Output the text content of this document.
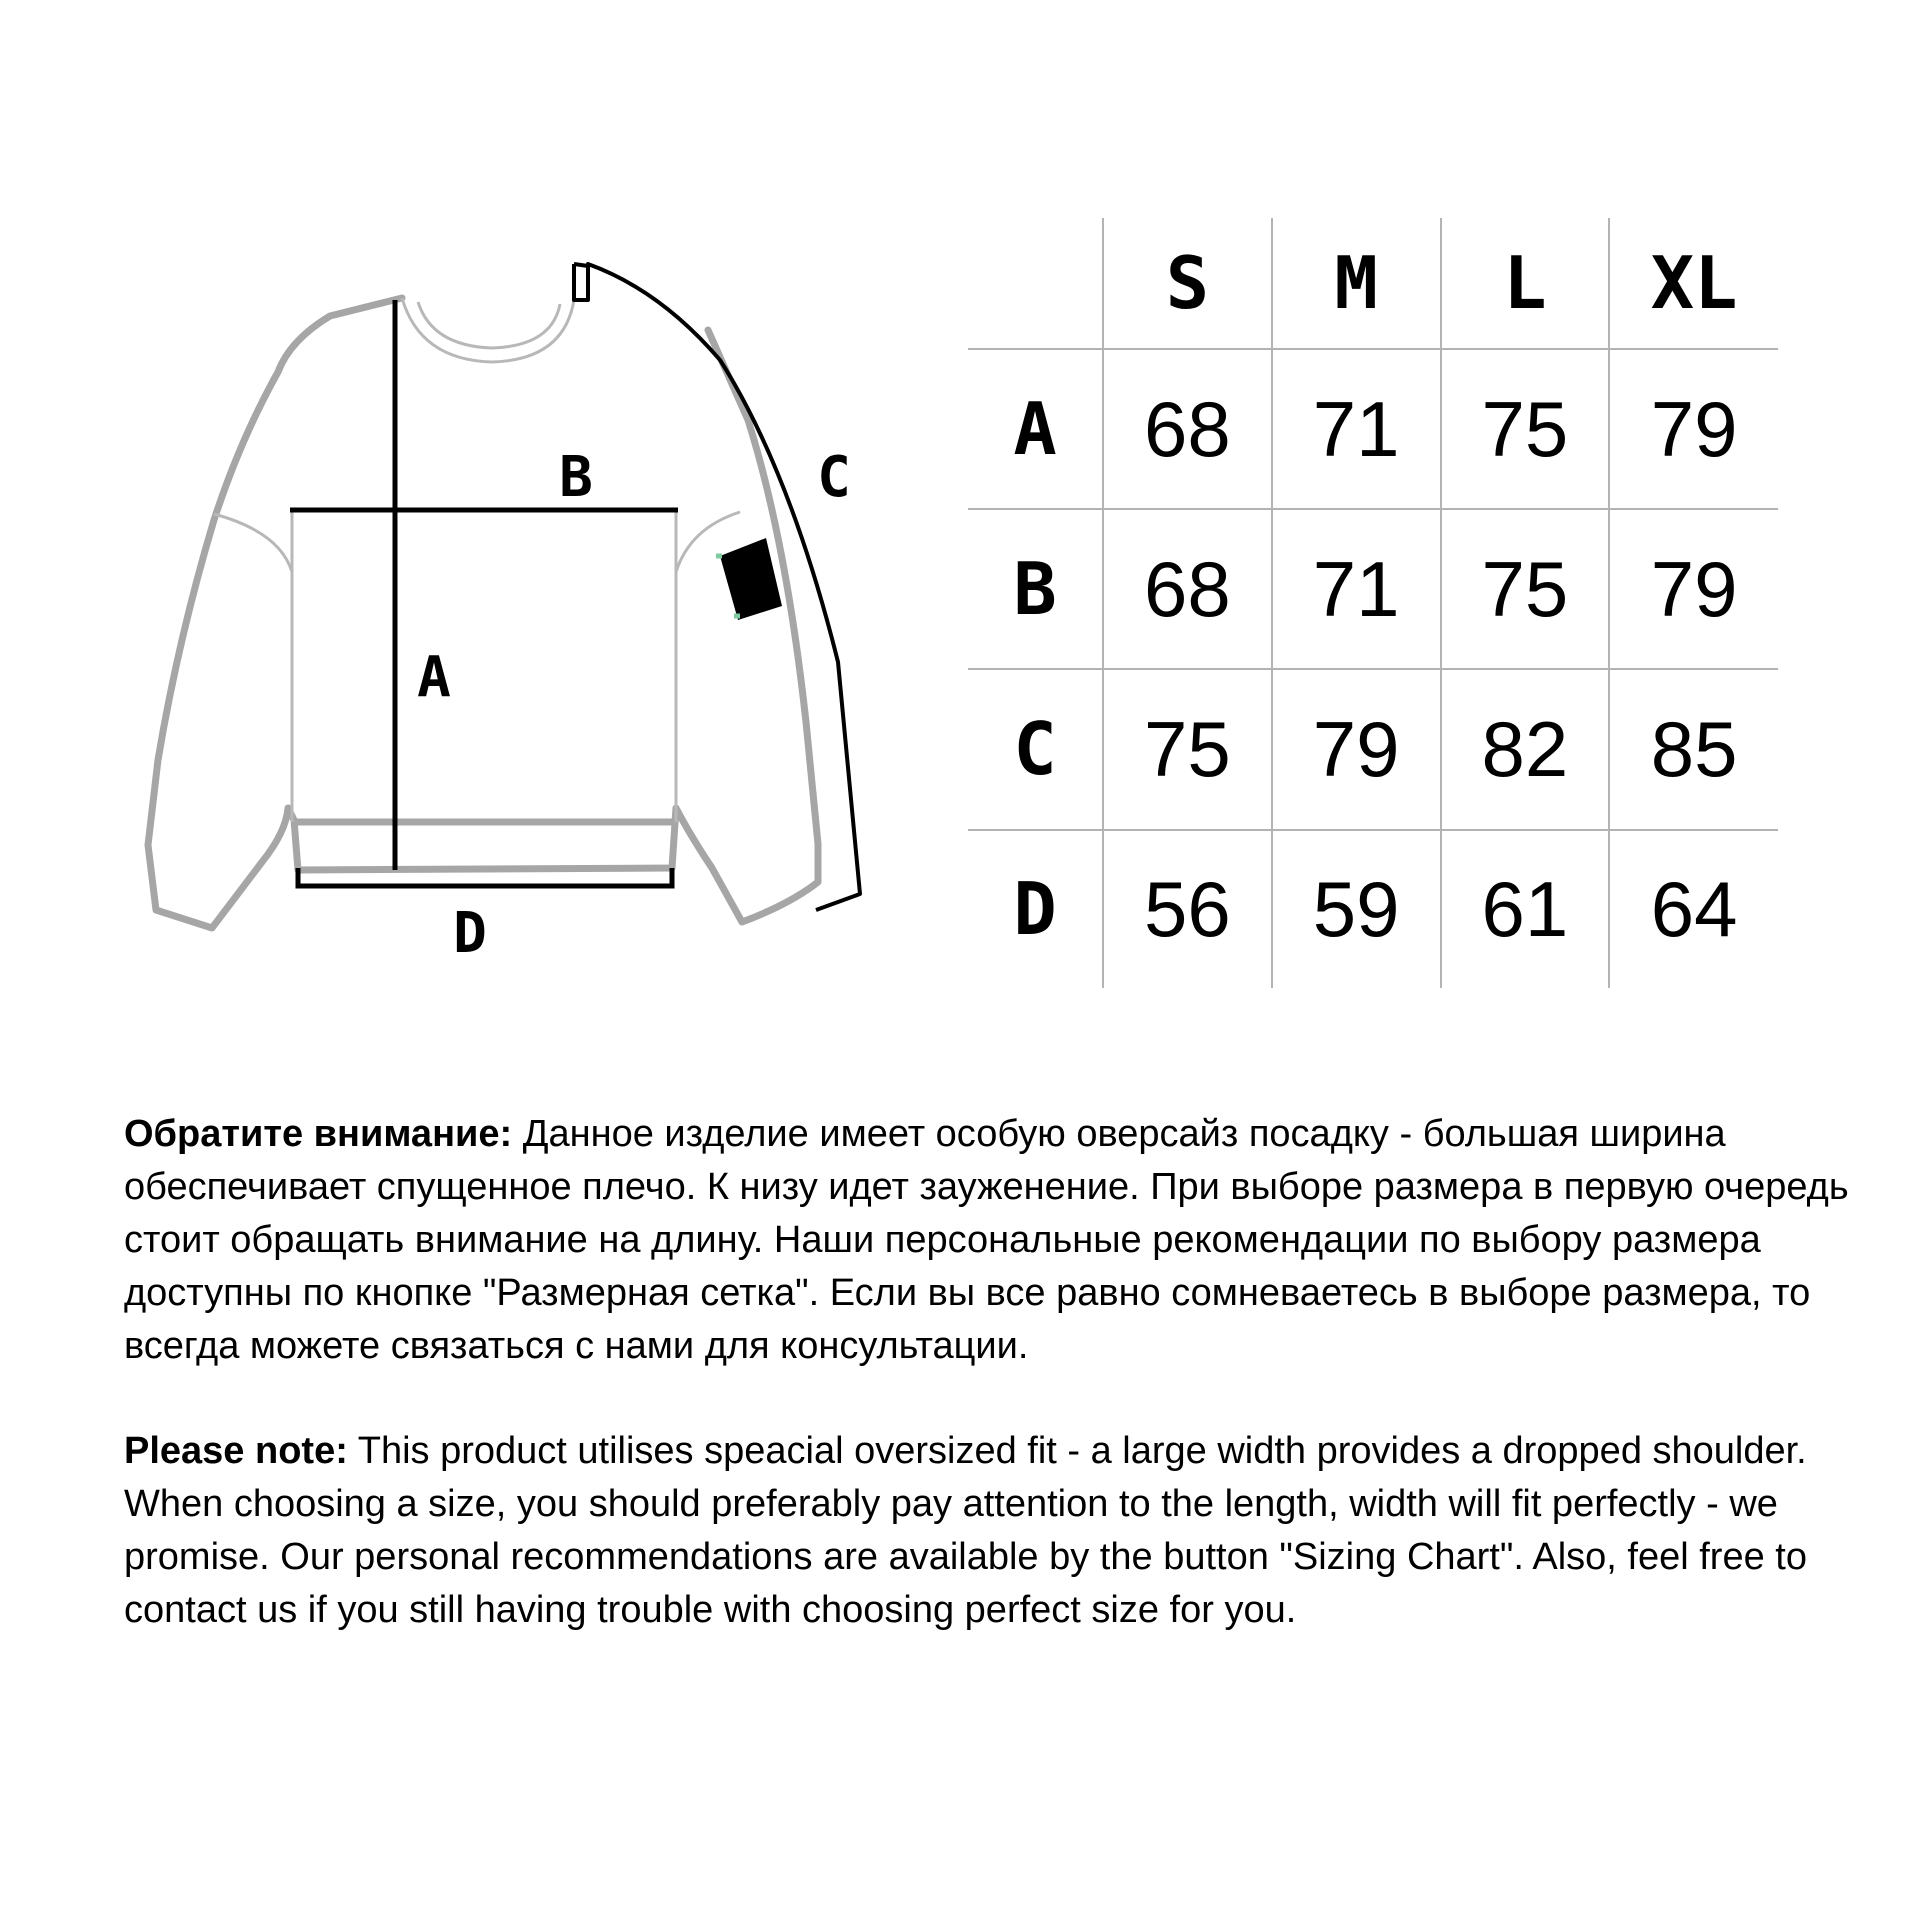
A
B	C
D
	S	M	L	XL
A	68	71	75	79
B	68	71	75	79
C	75	79	82	85
D	56	59	61	64

Обратите внимание: Данное изделие имеет особую оверсайз посадку - большая ширина обеспечивает спущенное плечо. К низу идет зауженение. При выборе размера в первую очередь стоит обращать внимание на длину. Наши персональные рекомендации по выбору размера доступны по кнопке "Размерная сетка". Если вы все равно сомневаетесь в выборе размера, то всегда можете связаться с нами для консультации.

Please note: This product utilises speacial oversized fit - a large width provides a dropped shoulder. When choosing a size, you should preferably pay attention to the length, width will fit perfectly - we promise. Our personal recommendations are available by the button "Sizing Chart". Also, feel free to contact us if you still having trouble with choosing perfect size for you.
